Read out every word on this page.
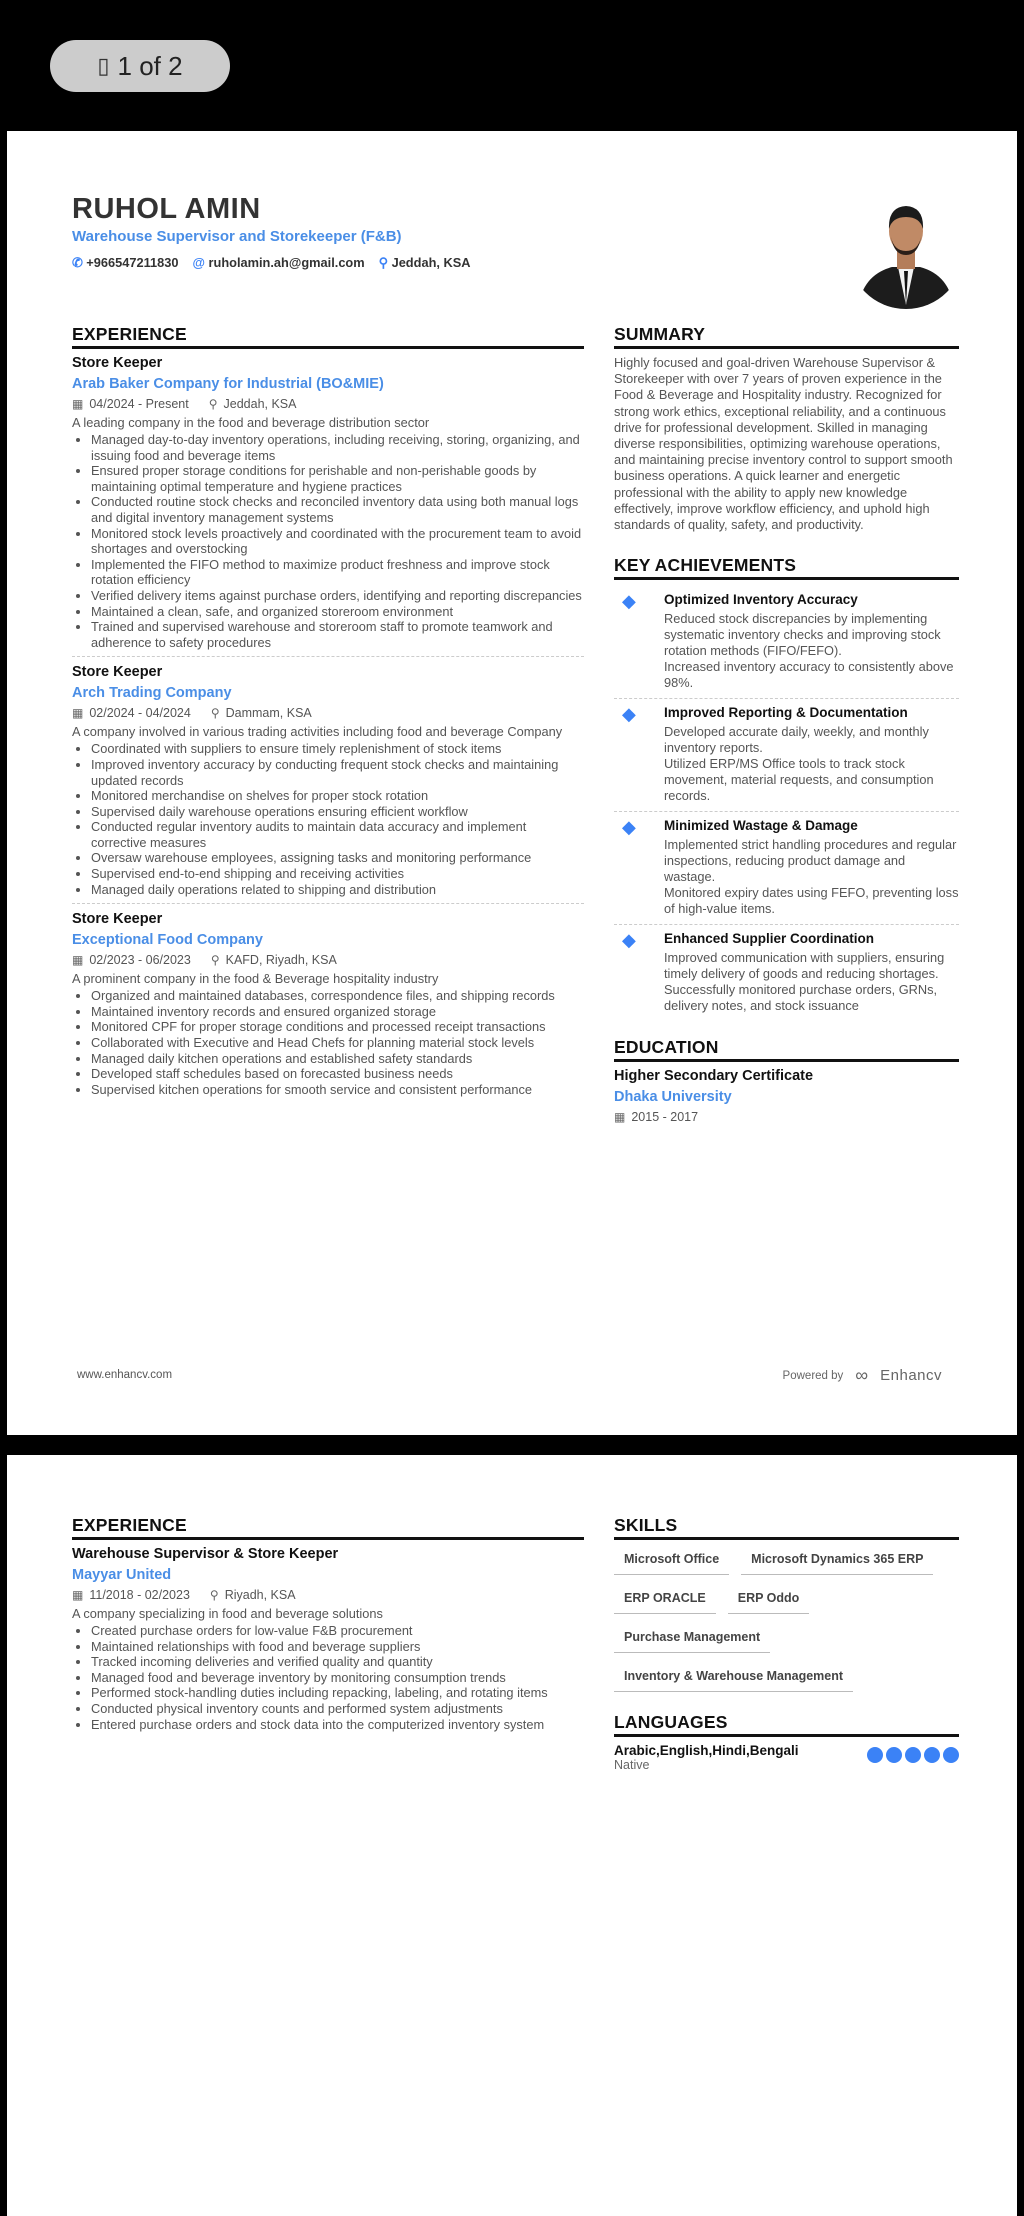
▯ 1 of 2
RUHOL AMIN
Warehouse Supervisor and Storekeeper (F&B)
✆ +966547211830 @ ruholamin.ah@gmail.com ⚲ Jeddah, KSA
EXPERIENCE
Store Keeper
Arab Baker Company for Industrial (BO&MIE)
▦ 04/2024 - Present ⚲ Jeddah, KSA
A leading company in the food and beverage distribution sector
• Managed day-to-day inventory operations, including receiving, storing, organizing, and issuing food and beverage items
• Ensured proper storage conditions for perishable and non-perishable goods by maintaining optimal temperature and hygiene practices
• Conducted routine stock checks and reconciled inventory data using both manual logs and digital inventory management systems
• Monitored stock levels proactively and coordinated with the procurement team to avoid shortages and overstocking
• Implemented the FIFO method to maximize product freshness and improve stock rotation efficiency
• Verified delivery items against purchase orders, identifying and reporting discrepancies
• Maintained a clean, safe, and organized storeroom environment
• Trained and supervised warehouse and storeroom staff to promote teamwork and adherence to safety procedures
Store Keeper
Arch Trading Company
▦ 02/2024 - 04/2024 ⚲ Dammam, KSA
A company involved in various trading activities including food and beverage Company
• Coordinated with suppliers to ensure timely replenishment of stock items
• Improved inventory accuracy by conducting frequent stock checks and maintaining updated records
• Monitored merchandise on shelves for proper stock rotation
• Supervised daily warehouse operations ensuring efficient workflow
• Conducted regular inventory audits to maintain data accuracy and implement corrective measures
• Oversaw warehouse employees, assigning tasks and monitoring performance
• Supervised end-to-end shipping and receiving activities
• Managed daily operations related to shipping and distribution
Store Keeper
Exceptional Food Company
▦ 02/2023 - 06/2023 ⚲ KAFD, Riyadh, KSA
A prominent company in the food & Beverage hospitality industry
• Organized and maintained databases, correspondence files, and shipping records
• Maintained inventory records and ensured organized storage
• Monitored CPF for proper storage conditions and processed receipt transactions
• Collaborated with Executive and Head Chefs for planning material stock levels
• Managed daily kitchen operations and established safety standards
• Developed staff schedules based on forecasted business needs
• Supervised kitchen operations for smooth service and consistent performance
SUMMARY
Highly focused and goal-driven Warehouse Supervisor & Storekeeper with over 7 years of proven experience in the Food & Beverage and Hospitality industry. Recognized for strong work ethics, exceptional reliability, and a continuous drive for professional development. Skilled in managing diverse responsibilities, optimizing warehouse operations, and maintaining precise inventory control to support smooth business operations. A quick learner and energetic professional with the ability to apply new knowledge effectively, improve workflow efficiency, and uphold high standards of quality, safety, and productivity.
KEY ACHIEVEMENTS
◆	Optimized Inventory Accuracy
Reduced stock discrepancies by implementing systematic inventory checks and improving stock rotation methods (FIFO/FEFO).
Increased inventory accuracy to consistently above 98%.
◆	Improved Reporting & Documentation
Developed accurate daily, weekly, and monthly inventory reports.
Utilized ERP/MS Office tools to track stock movement, material requests, and consumption records.
◆	Minimized Wastage & Damage
Implemented strict handling procedures and regular inspections, reducing product damage and wastage.
Monitored expiry dates using FEFO, preventing loss of high-value items.
◆	Enhanced Supplier Coordination
Improved communication with suppliers, ensuring timely delivery of goods and reducing shortages.
Successfully monitored purchase orders, GRNs, delivery notes, and stock issuance
EDUCATION
Higher Secondary Certificate
Dhaka University
▦ 2015 - 2017
www.enhancv.com	Powered by ∞ Enhancv
EXPERIENCE
Warehouse Supervisor & Store Keeper
Mayyar United
▦ 11/2018 - 02/2023 ⚲ Riyadh, KSA
A company specializing in food and beverage solutions
• Created purchase orders for low-value F&B procurement
• Maintained relationships with food and beverage suppliers
• Tracked incoming deliveries and verified quality and quantity
• Managed food and beverage inventory by monitoring consumption trends
• Performed stock-handling duties including repacking, labeling, and rotating items
• Conducted physical inventory counts and performed system adjustments
• Entered purchase orders and stock data into the computerized inventory system
SKILLS
Microsoft Office	Microsoft Dynamics 365 ERP
ERP ORACLE	ERP Oddo
Purchase Management
Inventory & Warehouse Management
LANGUAGES
Arabic,English,Hindi,Bengali
Native
